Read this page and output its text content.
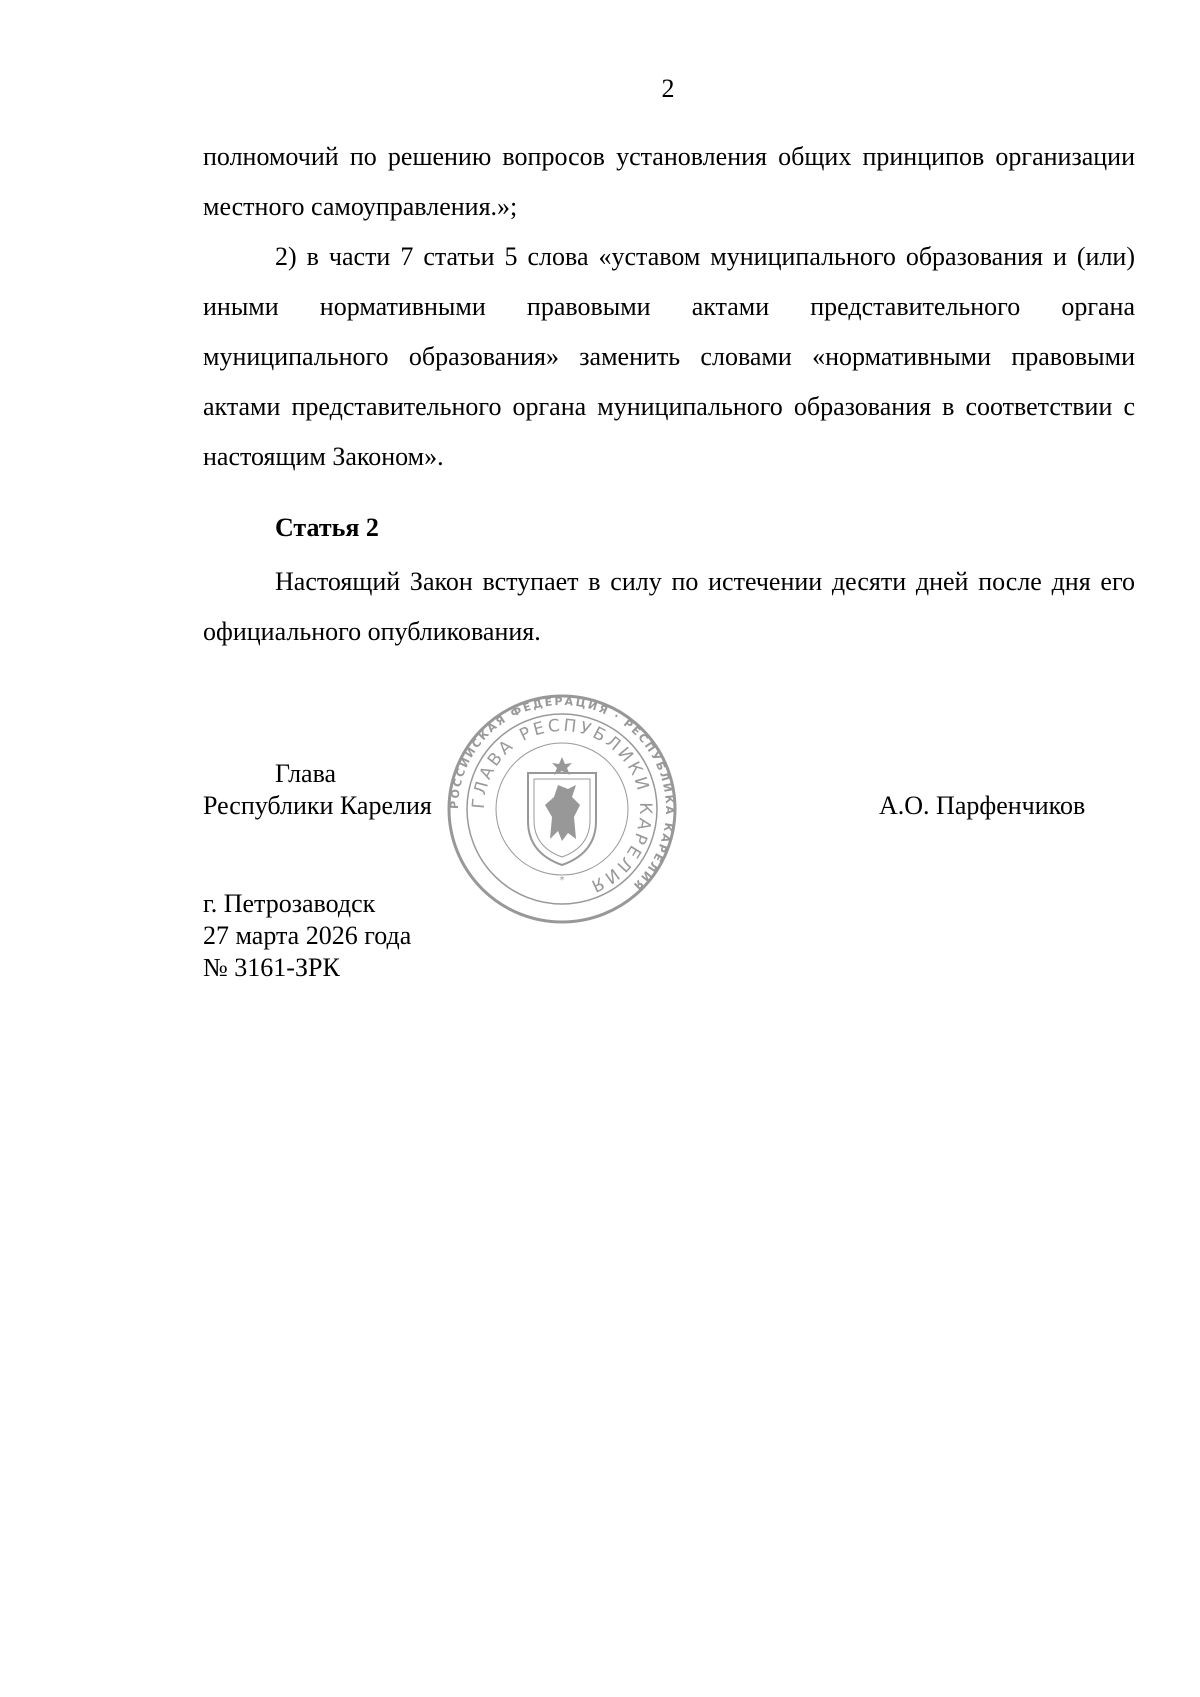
2

полномочий по решению вопросов установления общих принципов организации местного самоуправления.»;

2) в части 7 статьи 5 слова «уставом муниципального образования и (или) иными нормативными правовыми актами представительного органа муниципального образования» заменить словами «нормативными правовыми актами представительного органа муниципального образования в соответствии с настоящим Законом».

Статья 2

Настоящий Закон вступает в силу по истечении десяти дней после дня его официального опубликования.

Глава
Республики Карелия	А.О. Парфенчиков
РОССИЙСКАЯ ФЕДЕРАЦИЯ · РЕСПУБЛИКА КАРЕЛИЯ
ГЛАВА РЕСПУБЛИКИ КАРЕЛИЯ
*
г. Петрозаводск
27 марта 2026 года
№ 3161-ЗРК
